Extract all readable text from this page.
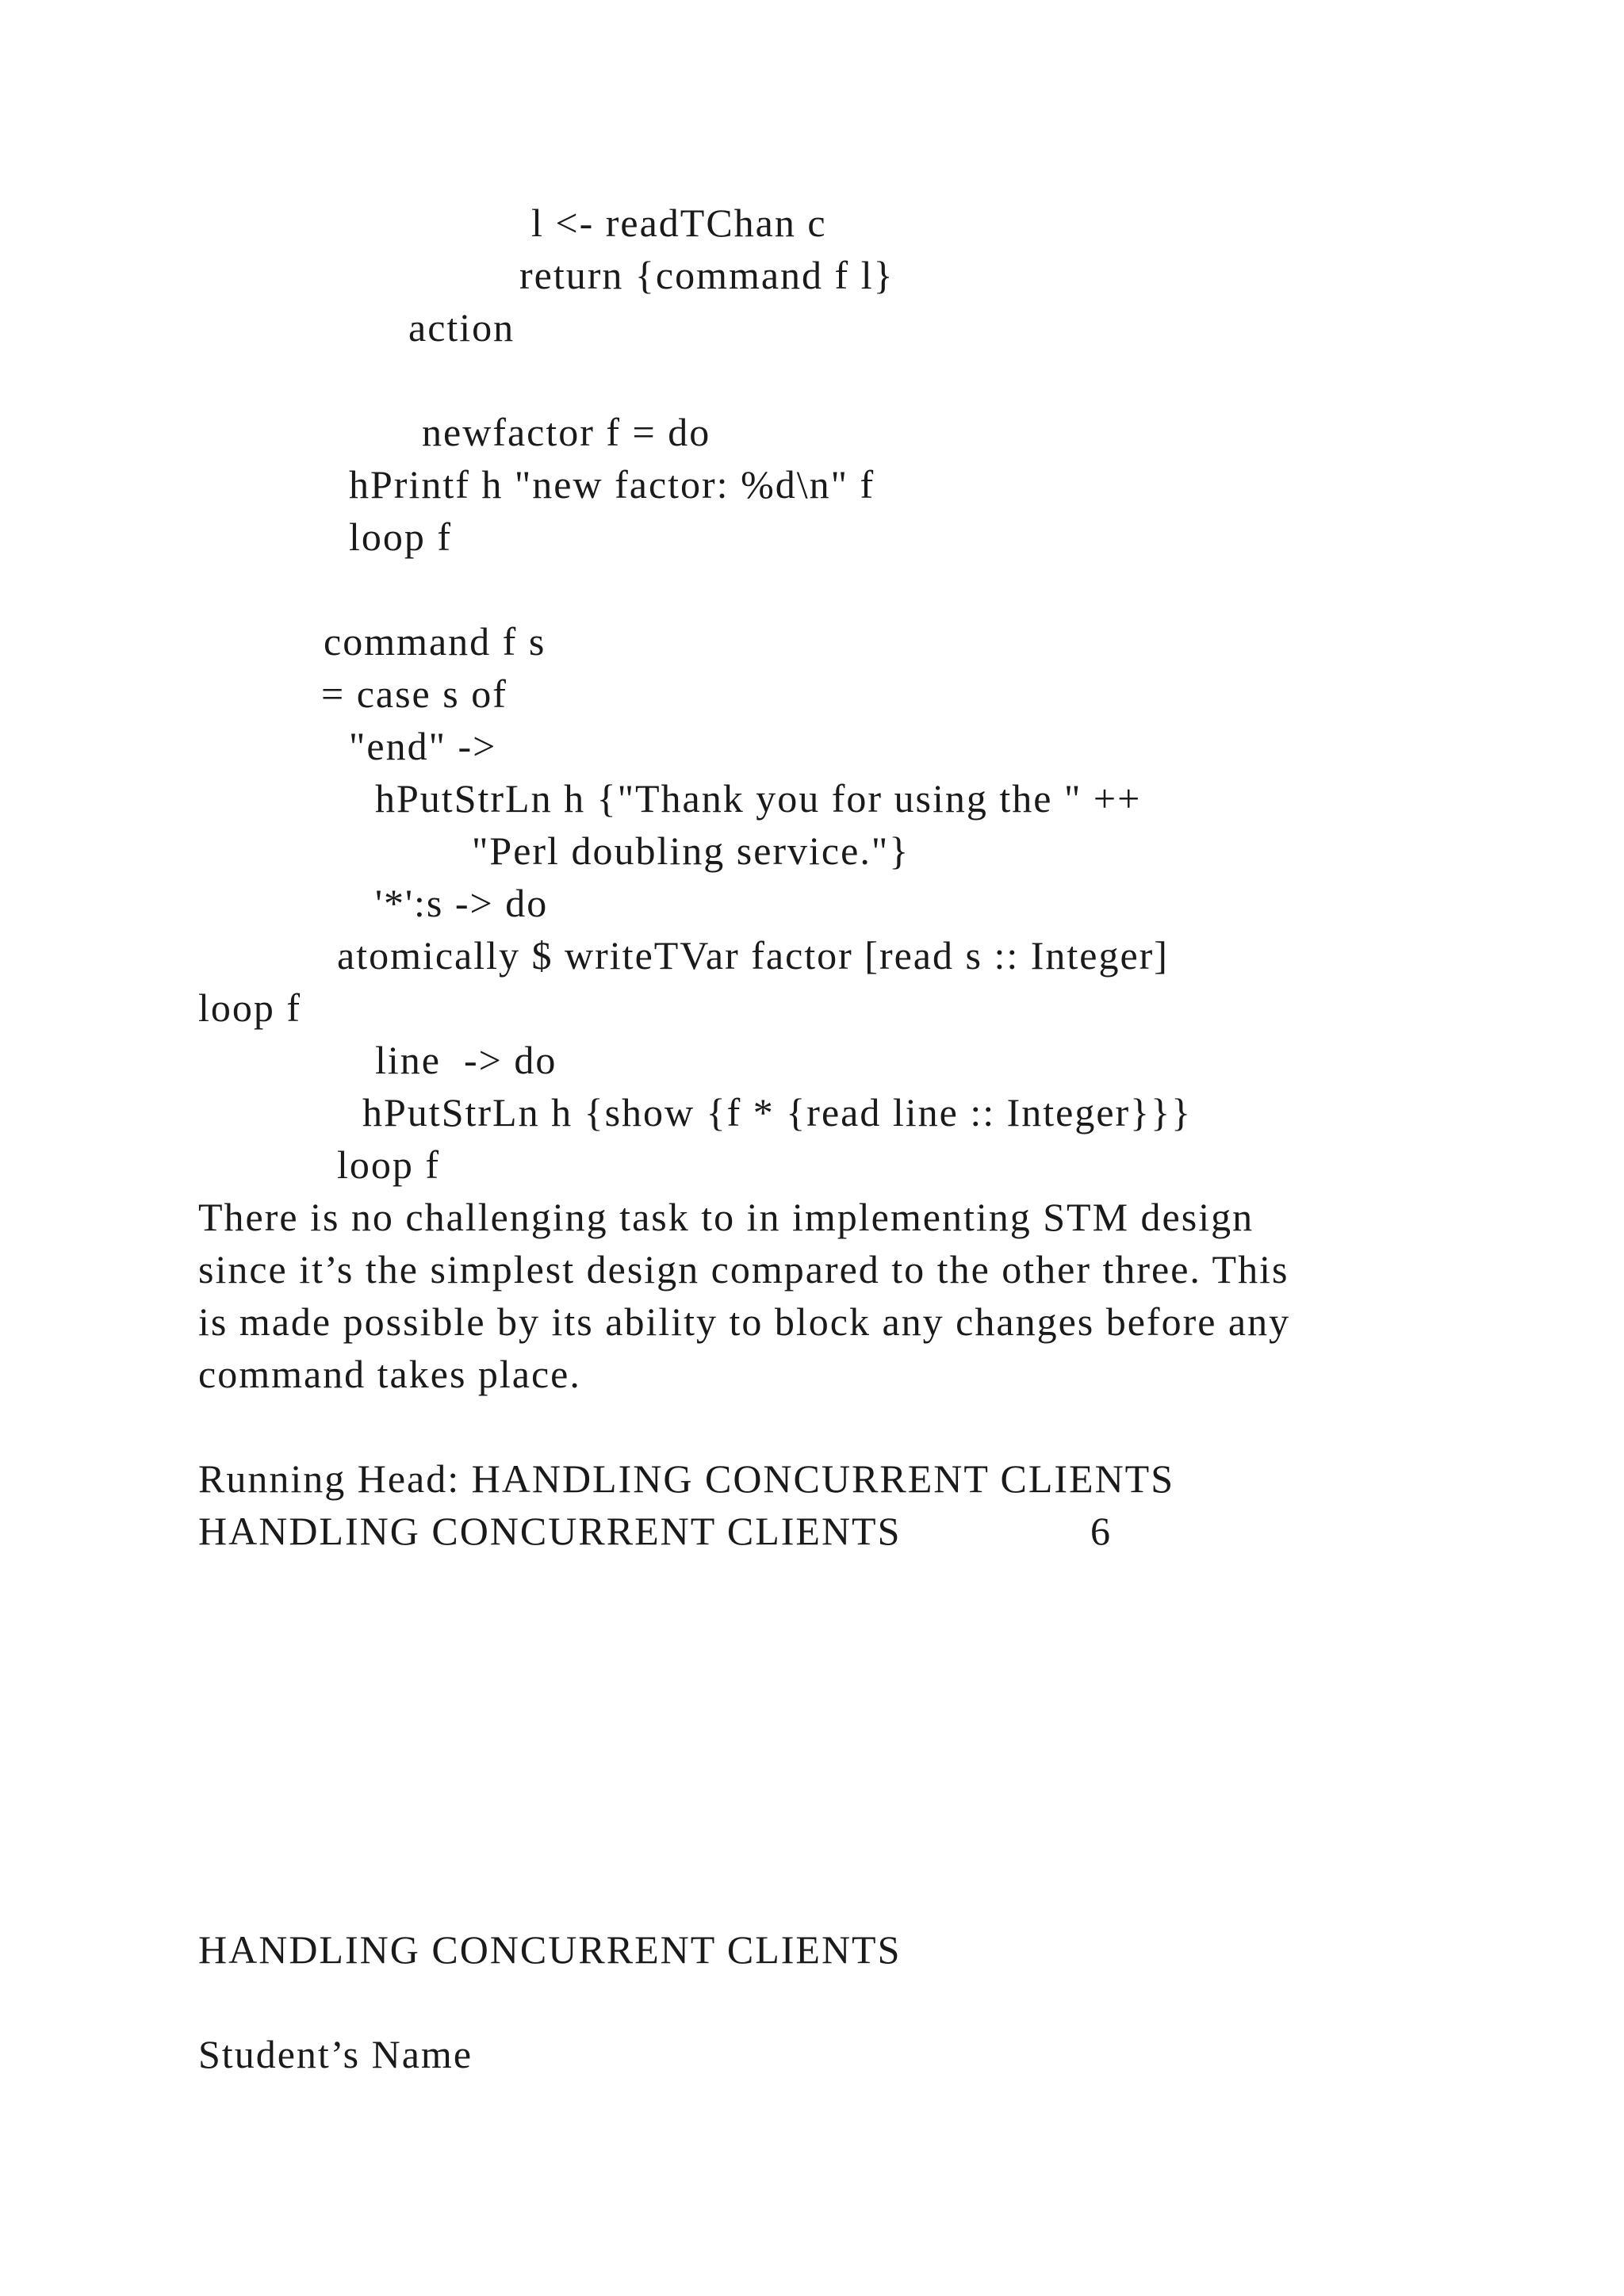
l <- readTChan c
return {command f l}
action
newfactor f = do
hPrintf h "new factor: %d\n" f
loop f
command f s
= case s of
"end" ->
hPutStrLn h {"Thank you for using the " ++
"Perl doubling service."}
'*':s -> do
atomically $ writeTVar factor [read s :: Integer]
loop f
line  -> do
hPutStrLn h {show {f * {read line :: Integer}}}
loop f
There is no challenging task to in implementing STM design
since it’s the simplest design compared to the other three. This
is made possible by its ability to block any changes before any
command takes place.
Running Head: HANDLING CONCURRENT CLIENTS
HANDLING CONCURRENT CLIENTS	6
HANDLING CONCURRENT CLIENTS
Student’s Name
